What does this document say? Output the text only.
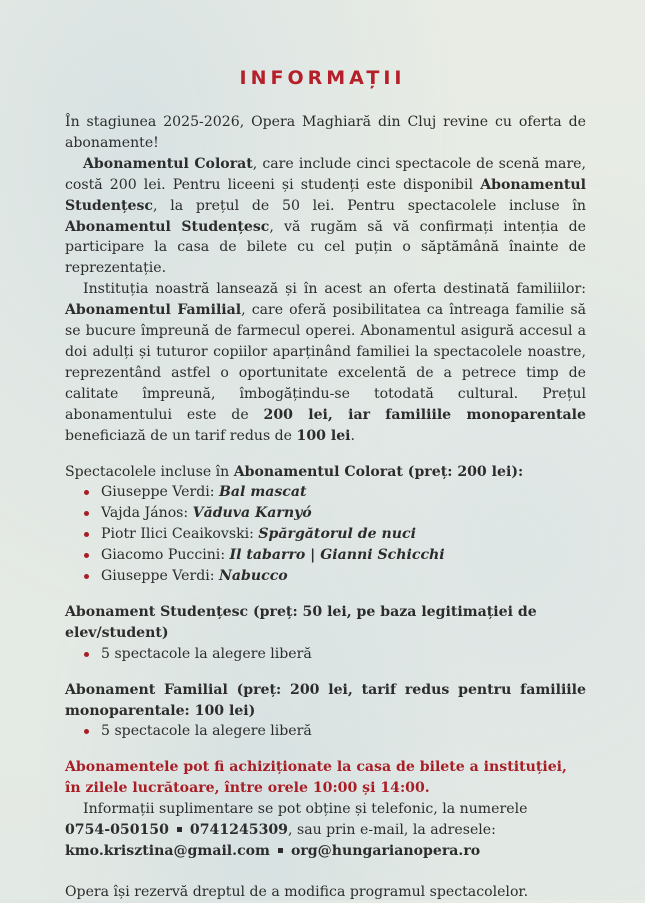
INFORMAȚII

În stagiunea 2025-2026, Opera Maghiară din Cluj revine cu oferta de abonamente!

Abonamentul Colorat, care include cinci spectacole de scenă mare, costă 200 lei. Pentru liceeni și studenți este disponibil Abonamentul Studențesc, la prețul de 50 lei. Pentru spectacolele incluse în Abonamentul Studențesc, vă rugăm să vă confirmați intenția de participare la casa de bilete cu cel puțin o săptămână înainte de reprezentație.

Instituția noastră lansează și în acest an oferta destinată familiilor: Abonamentul Familial, care oferă posibilitatea ca întreaga familie să se bucure împreună de farmecul operei. Abonamentul asigură accesul a doi adulți și tuturor copiilor aparținând familiei la spectacolele noastre, reprezentând astfel o oportunitate excelentă de a petrece timp de calitate împreună, îmbogățindu-se totodată cultural. Prețul abonamentului este de 200 lei, iar familiile monoparentale beneficiază de un tarif redus de 100 lei.

Spectacolele incluse în Abonamentul Colorat (preț: 200 lei):

Giuseppe Verdi: Bal mascat
Vajda János: Văduva Karnyó
Piotr Ilici Ceaikovski: Spărgătorul de nuci
Giacomo Puccini: Il tabarro | Gianni Schicchi
Giuseppe Verdi: Nabucco

Abonament Studențesc (preț: 50 lei, pe baza legitimației de elev/student)

5 spectacole la alegere liberă

Abonament Familial (preț: 200 lei, tarif redus pentru familiile monoparentale: 100 lei)

5 spectacole la alegere liberă

Abonamentele pot fi achiziționate la casa de bilete a instituției, în zilele lucrătoare, între orele 10:00 și 14:00.

Informații suplimentare se pot obține și telefonic, la numerele
0754-050150 0741245309, sau prin e-mail, la adresele:
kmo.krisztina@gmail.com org@hungarianopera.ro

Opera își rezervă dreptul de a modifica programul spectacolelor.
